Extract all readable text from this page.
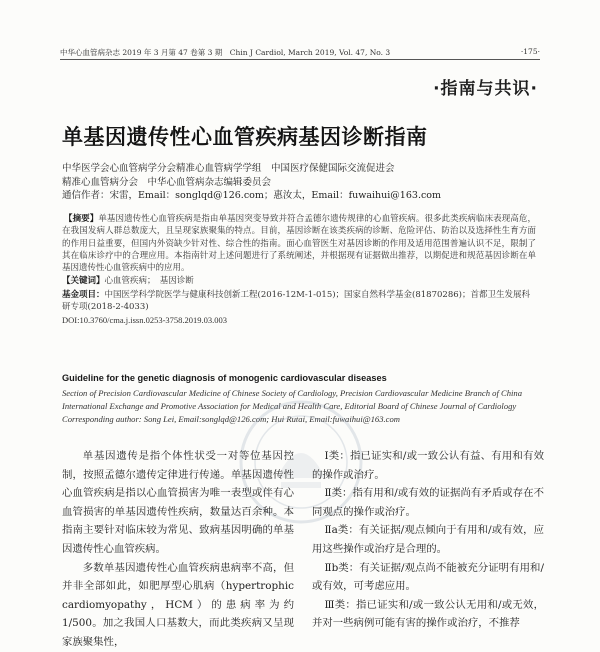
中华心血管病杂志 2019 年 3 月第 47 卷第 3 期　Chin J Cardiol, March 2019, Vol. 47, No. 3	·175·
·指南与共识·
单基因遗传性心血管疾病基因诊断指南
中华医学会心血管病学分会精准心血管病学学组　中国医疗保健国际交流促进会
精准心血管病分会　中华心血管病杂志编辑委员会
通信作者：宋雷，Email：songlqd@126.com；惠汝太，Email：fuwaihui@163.com
【摘要】单基因遗传性心血管疾病是指由单基因突变导致并符合孟德尔遗传规律的心血管疾病。很多此类疾病临床表现高危，在我国发病人群总数庞大，且呈现家族聚集的特点。目前，基因诊断在该类疾病的诊断、危险评估、防治以及选择性生育方面的作用日益重要，但国内外资缺少针对性、综合性的指南。面心血管医生对基因诊断的作用及适用范围普遍认识不足，限制了其在临床诊疗中的合理应用。本指南针对上述问题进行了系统阐述，并根据现有证据做出推荐，以期促进和规范基因诊断在单基因遗传性心血管疾病中的应用。
【关键词】心血管疾病；　基因诊断
基金项目：中国医学科学院医学与健康科技创新工程(2016-12M-1-015)；国家自然科学基金(81870286)；首都卫生发展科研专项(2018-2-4033)
DOI:10.3760/cma.j.issn.0253-3758.2019.03.003
Guideline for the genetic diagnosis of monogenic cardiovascular diseases
Section of Precision Cardiovascular Medicine of Chinese Society of Cardiology, Precision Cardiovascular Medicine Branch of China International Exchange and Promotive Association for Medical and Health Care, Editorial Board of Chinese Journal of Cardiology
Corresponding author: Song Lei, Email:songlqd@126.com; Hui Rutai, Email:fuwaihui@163.com

单基因遗传是指个体性状受一对等位基因控制，按照孟德尔遗传定律进行传递。单基因遗传性心血管疾病是指以心血管损害为唯一表型或伴有心血管损害的单基因遗传性疾病，数量达百余种。本指南主要针对临床较为常见、致病基因明确的单基因遗传性心血管疾病。

多数单基因遗传性心血管疾病患病率不高，但并非全部如此，如肥厚型心肌病（hypertrophic cardiomyopathy，HCM）的患病率为约 1/500。加之我国人口基数大，而此类疾病又呈现家族聚集性，

Ⅰ类：指已证实和/或一致公认有益、有用和有效的操作或治疗。

Ⅱ类：指有用和/或有效的证据尚有矛盾或存在不同观点的操作或治疗。

Ⅱa类：有关证据/观点倾向于有用和/或有效，应用这些操作或治疗是合理的。

Ⅱb类：有关证据/观点尚不能被充分证明有用和/或有效，可考虑应用。

Ⅲ类：指已证实和/或一致公认无用和/或无效，并对一些病例可能有害的操作或治疗，不推荐
